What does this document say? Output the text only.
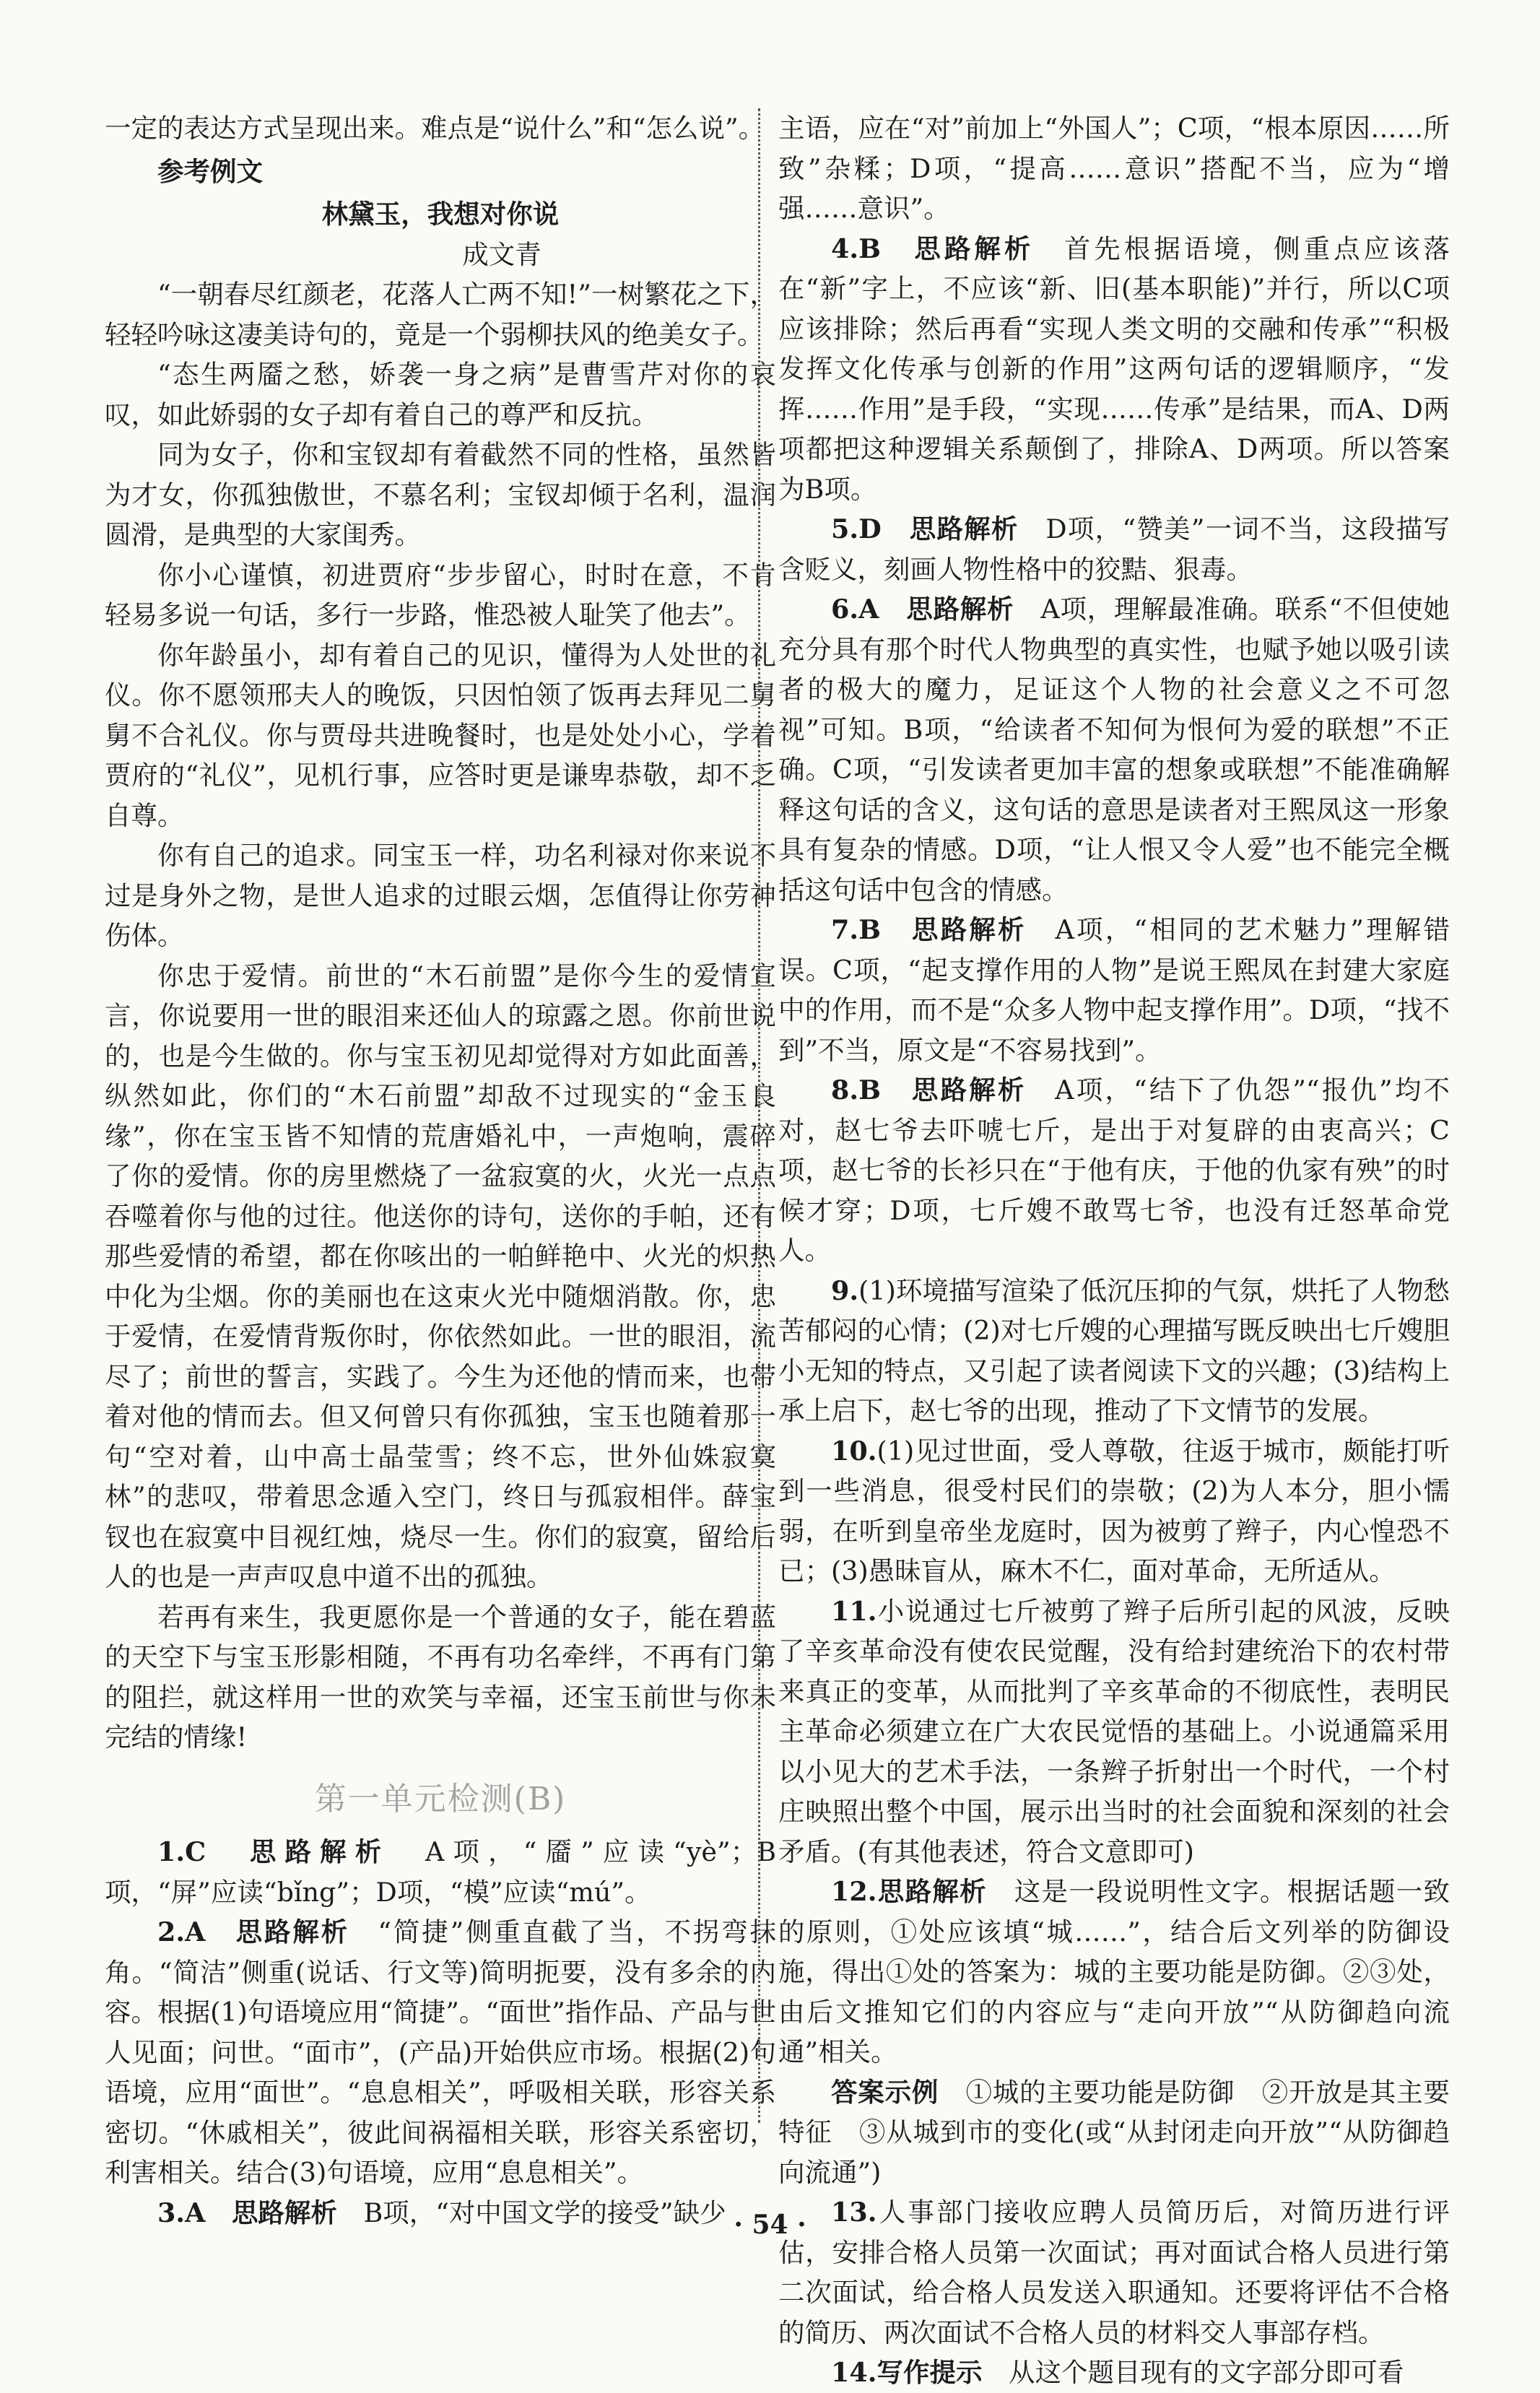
一定的表达方式呈现出来。难点是“说什么”和“怎么说”。

参考例文

林黛玉，我想对你说

成文青

“一朝春尽红颜老，花落人亡两不知!”一树繁花之下，轻轻吟咏这凄美诗句的，竟是一个弱柳扶风的绝美女子。

“态生两靥之愁，娇袭一身之病”是曹雪芹对你的哀叹，如此娇弱的女子却有着自己的尊严和反抗。

同为女子，你和宝钗却有着截然不同的性格，虽然皆为才女，你孤独傲世，不慕名利；宝钗却倾于名利，温润圆滑，是典型的大家闺秀。

你小心谨慎，初进贾府“步步留心，时时在意，不肯轻易多说一句话，多行一步路，惟恐被人耻笑了他去”。

你年龄虽小，却有着自己的见识，懂得为人处世的礼仪。你不愿领邢夫人的晚饭，只因怕领了饭再去拜见二舅舅不合礼仪。你与贾母共进晚餐时，也是处处小心，学着贾府的“礼仪”，见机行事，应答时更是谦卑恭敬，却不乏自尊。

你有自己的追求。同宝玉一样，功名利禄对你来说不过是身外之物，是世人追求的过眼云烟，怎值得让你劳神伤体。

你忠于爱情。前世的“木石前盟”是你今生的爱情宣言，你说要用一世的眼泪来还仙人的琼露之恩。你前世说的，也是今生做的。你与宝玉初见却觉得对方如此面善，纵然如此，你们的“木石前盟”却敌不过现实的“金玉良缘”，你在宝玉皆不知情的荒唐婚礼中，一声炮响，震碎了你的爱情。你的房里燃烧了一盆寂寞的火，火光一点点吞噬着你与他的过往。他送你的诗句，送你的手帕，还有那些爱情的希望，都在你咳出的一帕鲜艳中、火光的炽热中化为尘烟。你的美丽也在这束火光中随烟消散。你，忠于爱情，在爱情背叛你时，你依然如此。一世的眼泪，流尽了；前世的誓言，实践了。今生为还他的情而来，也带着对他的情而去。但又何曾只有你孤独，宝玉也随着那一句“空对着，山中高士晶莹雪；终不忘，世外仙姝寂寞林”的悲叹，带着思念遁入空门，终日与孤寂相伴。薛宝钗也在寂寞中目视红烛，烧尽一生。你们的寂寞，留给后人的也是一声声叹息中道不出的孤独。

若再有来生，我更愿你是一个普通的女子，能在碧蓝的天空下与宝玉形影相随，不再有功名牵绊，不再有门第的阻拦，就这样用一世的欢笑与幸福，还宝玉前世与你未完结的情缘!

第一单元检测(B)

1.C　 思路解析　 A项，“靥”应读“yè”；B项，“屏”应读“bǐng”；D项，“模”应读“mú”。

2.A　 思路解析　 “简捷”侧重直截了当，不拐弯抹角。“简洁”侧重(说话、行文等)简明扼要，没有多余的内容。根据(1)句语境应用“简捷”。“面世”指作品、产品与世人见面；问世。“面市”，(产品)开始供应市场。根据(2)句语境，应用“面世”。“息息相关”，呼吸相关联，形容关系密切。“休戚相关”，彼此间祸福相关联，形容关系密切，利害相关。结合(3)句语境，应用“息息相关”。

3.A　 思路解析　 B项，“对中国文学的接受”缺少

主语，应在“对”前加上“外国人”；C项，“根本原因……所致”杂糅；D项，“提高……意识”搭配不当，应为“增强……意识”。

4.B　 思路解析　 首先根据语境，侧重点应该落在“新”字上，不应该“新、旧(基本职能)”并行，所以C项应该排除；然后再看“实现人类文明的交融和传承”“积极发挥文化传承与创新的作用”这两句话的逻辑顺序，“发挥……作用”是手段，“实现……传承”是结果，而A、D两项都把这种逻辑关系颠倒了，排除A、D两项。所以答案为B项。

5.D　 思路解析　 D项，“赞美”一词不当，这段描写含贬义，刻画人物性格中的狡黠、狠毒。

6.A　 思路解析　 A项，理解最准确。联系“不但使她充分具有那个时代人物典型的真实性，也赋予她以吸引读者的极大的魔力，足证这个人物的社会意义之不可忽视”可知。B项，“给读者不知何为恨何为爱的联想”不正确。C项，“引发读者更加丰富的想象或联想”不能准确解释这句话的含义，这句话的意思是读者对王熙凤这一形象具有复杂的情感。D项，“让人恨又令人爱”也不能完全概括这句话中包含的情感。

7.B　 思路解析　 A项，“相同的艺术魅力”理解错误。C项，“起支撑作用的人物”是说王熙凤在封建大家庭中的作用，而不是“众多人物中起支撑作用”。D项，“找不到”不当，原文是“不容易找到”。

8.B　 思路解析　 A项，“结下了仇怨”“报仇”均不对，赵七爷去吓唬七斤，是出于对复辟的由衷高兴；C项，赵七爷的长衫只在“于他有庆，于他的仇家有殃”的时候才穿；D项，七斤嫂不敢骂七爷，也没有迁怒革命党人。

9.(1)环境描写渲染了低沉压抑的气氛，烘托了人物愁苦郁闷的心情；(2)对七斤嫂的心理描写既反映出七斤嫂胆小无知的特点，又引起了读者阅读下文的兴趣；(3)结构上承上启下，赵七爷的出现，推动了下文情节的发展。

10.(1)见过世面，受人尊敬，往返于城市，颇能打听到一些消息，很受村民们的崇敬；(2)为人本分，胆小懦弱，在听到皇帝坐龙庭时，因为被剪了辫子，内心惶恐不已；(3)愚昧盲从，麻木不仁，面对革命，无所适从。

11.小说通过七斤被剪了辫子后所引起的风波，反映了辛亥革命没有使农民觉醒，没有给封建统治下的农村带来真正的变革，从而批判了辛亥革命的不彻底性，表明民主革命必须建立在广大农民觉悟的基础上。小说通篇采用以小见大的艺术手法，一条辫子折射出一个时代，一个村庄映照出整个中国，展示出当时的社会面貌和深刻的社会矛盾。(有其他表述，符合文意即可)

12.思路解析　 这是一段说明性文字。根据话题一致的原则，①处应该填“城……”，结合后文列举的防御设施，得出①处的答案为：城的主要功能是防御。②③处，由后文推知它们的内容应与“走向开放”“从防御趋向流通”相关。

答案示例　 ①城的主要功能是防御　②开放是其主要特征　③从城到市的变化(或“从封闭走向开放”“从防御趋向流通”)

13.人事部门接收应聘人员简历后，对简历进行评估，安排合格人员第一次面试；再对面试合格人员进行第二次面试，给合格人员发送入职通知。还要将评估不合格的简历、两次面试不合格人员的材料交人事部存档。

14.写作提示　 从这个题目现有的文字部分即可看

· 54 ·
